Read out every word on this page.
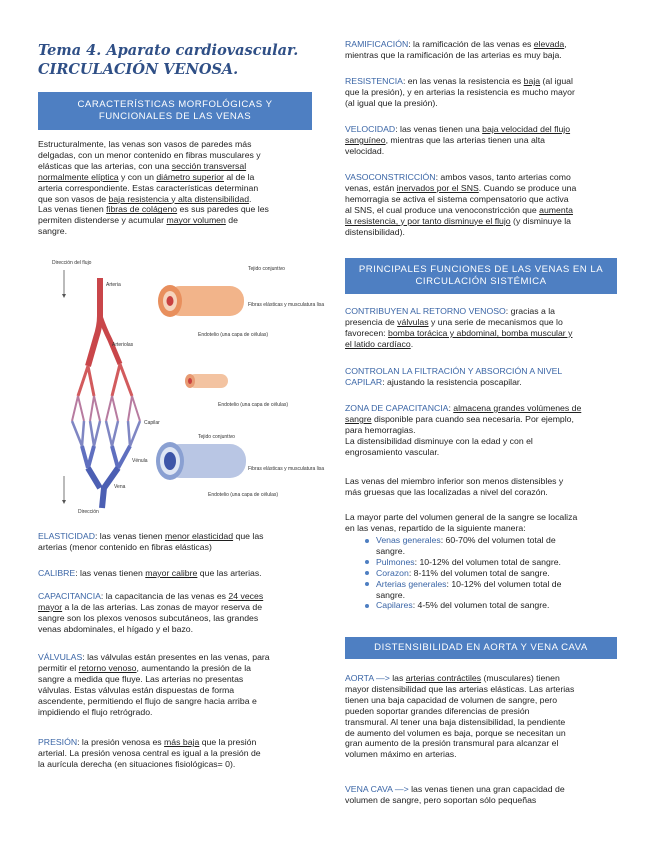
Tema 4. Aparato cardiovascular.
CIRCULACIÓN VENOSA.
CARACTERÍSTICAS MORFOLÓGICAS Y
FUNCIONALES DE LAS VENAS
Estructuralmente, las venas son vasos de paredes más
delgadas, con un menor contenido en fibras musculares y
elásticas que las arterias, con una sección transversal
normalmente elíptica y con un diámetro superior al de la
arteria correspondiente. Estas características determinan
que son vasos de baja resistencia y alta distensibilidad.
Las venas tienen fibras de colágeno es sus paredes que les
permiten distenderse y acumular mayor volumen de
sangre.
Dirección del flujo
Arteria
Arteriolas
Capilar
Vénula
Vena
Dirección
Tejido conjuntivo
Fibras elásticas y musculatura lisa
Endotelio (una capa de células)
Endotelio (una capa de células)
Tejido conjuntivo
Fibras elásticas y musculatura lisa
Endotelio (una capa de células)
ELASTICIDAD: las venas tienen menor elasticidad que las
arterias (menor contenido en fibras elásticas)
CALIBRE: las venas tienen mayor calibre que las arterias.
CAPACITANCIA: la capacitancia de las venas es 24 veces
mayor a la de las arterias. Las zonas de mayor reserva de
sangre son los plexos venosos subcutáneos, las grandes
venas abdominales, el hígado y el bazo.
VÁLVULAS: las válvulas están presentes en las venas, para
permitir el retorno venoso, aumentando la presión de la
sangre a medida que fluye. Las arterias no presentas
válvulas. Estas válvulas están dispuestas de forma
ascendente, permitiendo el flujo de sangre hacia arriba e
impidiendo el flujo retrógrado.
PRESIÓN: la presión venosa es más baja que la presión
arterial. La presión venosa central es igual a la presión de
la aurícula derecha (en situaciones fisiológicas= 0).
RAMIFICACIÓN: la ramificación de las venas es elevada,
mientras que la ramificación de las arterias es muy baja.
RESISTENCIA: en las venas la resistencia es baja (al igual
que la presión), y en arterias la resistencia es mucho mayor
(al igual que la presión).
VELOCIDAD: las venas tienen una baja velocidad del flujo
sanguíneo, mientras que las arterias tienen una alta
velocidad.
VASOCONSTRICCIÓN: ambos vasos, tanto arterias como
venas, están inervados por el SNS. Cuando se produce una
hemorragia se activa el sistema compensatorio que activa
al SNS, el cual produce una venoconstricción que aumenta
la resistencia, y por tanto disminuye el flujo (y disminuye la
distensibilidad).
PRINCIPALES FUNCIONES DE LAS VENAS EN LA
CIRCULACIÓN SISTÉMICA
CONTRIBUYEN AL RETORNO VENOSO: gracias a la
presencia de válvulas y una serie de mecanismos que lo
favorecen: bomba torácica y abdominal, bomba muscular y
el latido cardíaco.
CONTROLAN LA FILTRACIÓN Y ABSORCIÓN A NIVEL
CAPILAR: ajustando la resistencia poscapilar.
ZONA DE CAPACITANCIA: almacena grandes volúmenes de
sangre disponible para cuando sea necesaria. Por ejemplo,
para hemorragias.
La distensibilidad disminuye con la edad y con el
engrosamiento vascular.
Las venas del miembro inferior son menos distensibles y
más gruesas que las localizadas a nivel del corazón.
La mayor parte del volumen general de la sangre se localiza
en las venas, repartido de la siguiente manera:
Venas generales: 60-70% del volumen total de
sangre.
Pulmones: 10-12% del volumen total de sangre.
Corazon: 8-11% del volumen total de sangre.
Arterias generales: 10-12% del volumen total de
sangre.
Capilares: 4-5% del volumen total de sangre.
DISTENSIBILIDAD EN AORTA Y VENA CAVA
AORTA —> las arterias contráctiles (musculares) tienen
mayor distensibilidad que las arterias elásticas. Las arterias
tienen una baja capacidad de volumen de sangre, pero
pueden soportar grandes diferencias de presión
transmural. Al tener una baja distensibilidad, la pendiente
de aumento del volumen es baja, porque se necesitan un
gran aumento de la presión transmural para alcanzar el
volumen máximo en arterias.
VENA CAVA —> las venas tienen una gran capacidad de
volumen de sangre, pero soportan sólo pequeñas
